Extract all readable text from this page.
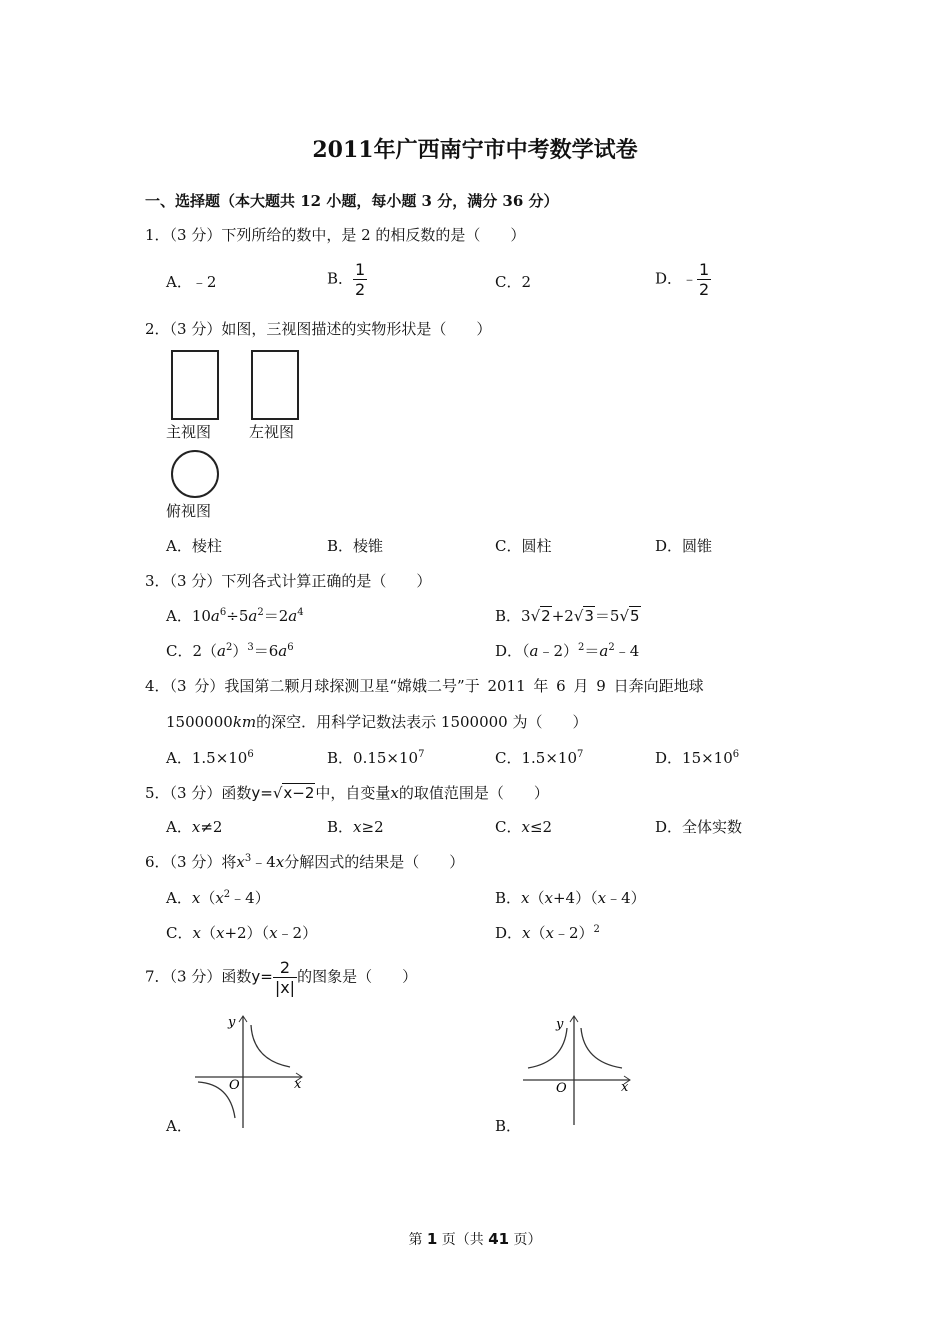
2011年广西南宁市中考数学试卷
一、选择题（本大题共 12 小题，每小题 3 分，满分 36 分）
1．（3 分）下列所给的数中，是 2 的相反数的是（　　）
A．﹣2	B． $\frac{1}{2}$	C．2	D．﹣ $\frac{1}{2}$
2．（3 分）如图，三视图描述的实物形状是（　　）
主视图	左视图
俯视图
A．棱柱	B．棱锥	C．圆柱	D．圆锥
3．（3 分）下列各式计算正确的是（　　）
A．$10a^6\div 5a^2=2a^4$	B．3√2+2√3＝5√5
C．$2(a^2)^3=6a^6$	D．$(a﹣2)^2=a^2﹣4$
4．（3 分）我国第二颗月球探测卫星“嫦娥二号”于 2011 年 6 月 9 日奔向距地球
1500000km的深空．用科学记数法表示 1500000 为（　　）
A．$1.5\times 10^6$	B．$0.15\times 10^7$	C．$1.5\times 10^7$	D．$15\times 10^6$
5．（3 分）函数y=√x−2中，自变量x的取值范围是（　　）
A．x≠2	B．x≥2	C．x≤2	D．全体实数
6．（3 分）将$x^3﹣4x$分解因式的结果是（　　）
A．$x(x^2﹣4)$	B．x（x+4）（x﹣4）
C．x（x+2）（x﹣2）	D．x（x﹣2）$^2$
7．（3 分）函数$y= \frac{2}{|x|}$ 的图象是（　　）
y
x
O
A．
y
x
O
B．
第 1 页（共 41 页）
